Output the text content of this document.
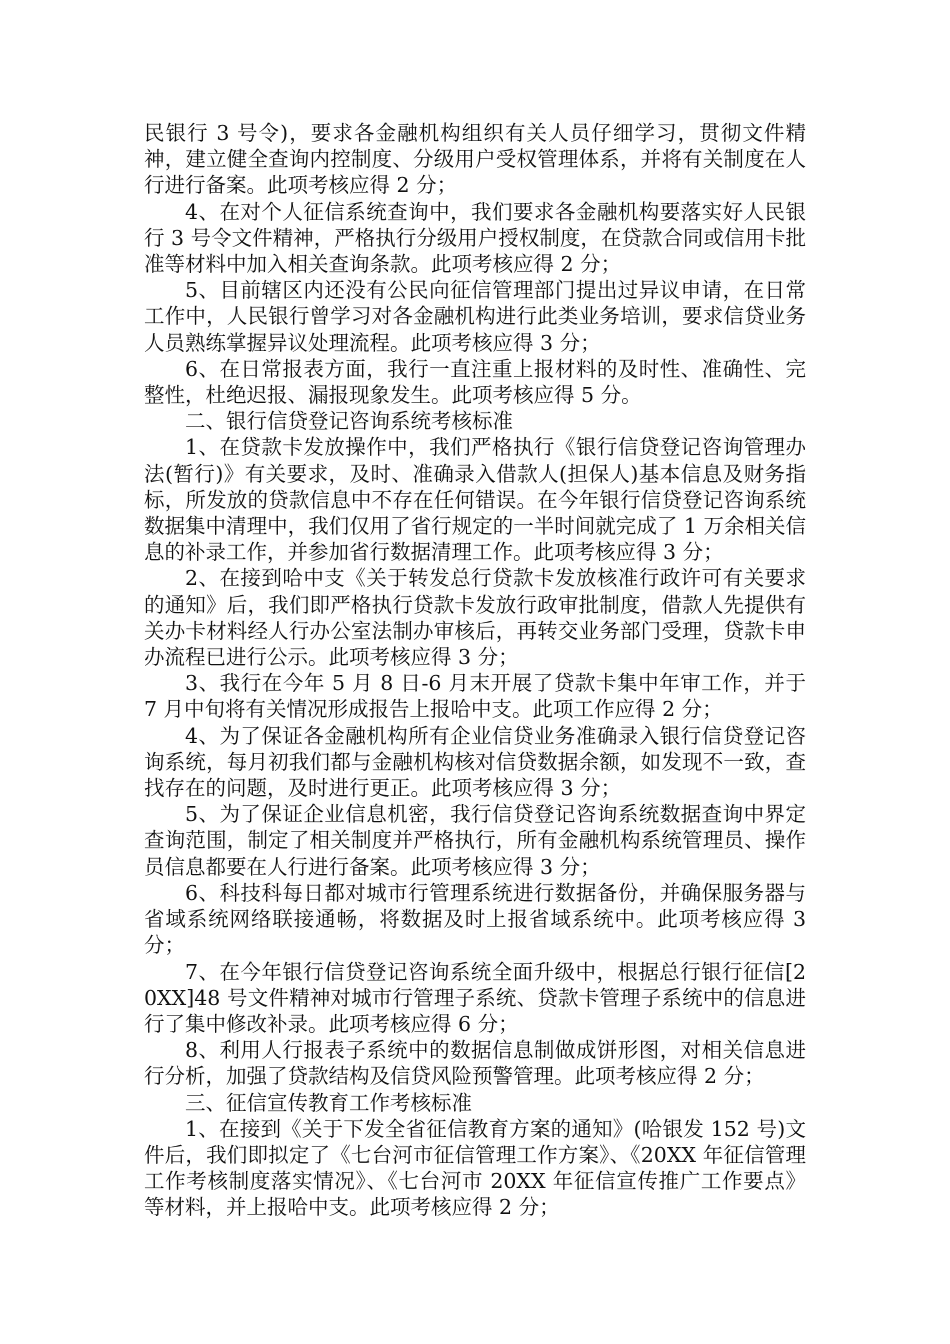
民银行 3 号令)，要求各金融机构组织有关人员仔细学习，贯彻文件精神，建立健全查询内控制度、分级用户受权管理体系，并将有关制度在人行进行备案。此项考核应得 2 分；

4、在对个人征信系统查询中，我们要求各金融机构要落实好人民银行 3 号令文件精神，严格执行分级用户授权制度，在贷款合同或信用卡批准等材料中加入相关查询条款。此项考核应得 2 分；

5、目前辖区内还没有公民向征信管理部门提出过异议申请，在日常工作中，人民银行曾学习对各金融机构进行此类业务培训，要求信贷业务人员熟练掌握异议处理流程。此项考核应得 3 分；

6、在日常报表方面，我行一直注重上报材料的及时性、准确性、完整性，杜绝迟报、漏报现象发生。此项考核应得 5 分。

二、银行信贷登记咨询系统考核标准

1、在贷款卡发放操作中，我们严格执行《银行信贷登记咨询管理办法(暂行)》有关要求，及时、准确录入借款人(担保人)基本信息及财务指标，所发放的贷款信息中不存在任何错误。在今年银行信贷登记咨询系统数据集中清理中，我们仅用了省行规定的一半时间就完成了 1 万余相关信息的补录工作，并参加省行数据清理工作。此项考核应得 3 分；

2、在接到哈中支《关于转发总行贷款卡发放核准行政许可有关要求的通知》后，我们即严格执行贷款卡发放行政审批制度，借款人先提供有关办卡材料经人行办公室法制办审核后，再转交业务部门受理，贷款卡申办流程已进行公示。此项考核应得 3 分；

3、我行在今年 5 月 8 日-6 月末开展了贷款卡集中年审工作，并于 7 月中旬将有关情况形成报告上报哈中支。此项工作应得 2 分；

4、为了保证各金融机构所有企业信贷业务准确录入银行信贷登记咨询系统，每月初我们都与金融机构核对信贷数据余额，如发现不一致，查找存在的问题，及时进行更正。此项考核应得 3 分；

5、为了保证企业信息机密，我行信贷登记咨询系统数据查询中界定查询范围，制定了相关制度并严格执行，所有金融机构系统管理员、操作员信息都要在人行进行备案。此项考核应得 3 分；

6、科技科每日都对城市行管理系统进行数据备份，并确保服务器与省域系统网络联接通畅，将数据及时上报省域系统中。此项考核应得 3 分；

7、在今年银行信贷登记咨询系统全面升级中，根据总行银行征信[20XX]48 号文件精神对城市行管理子系统、贷款卡管理子系统中的信息进行了集中修改补录。此项考核应得 6 分；

8、利用人行报表子系统中的数据信息制做成饼形图，对相关信息进行分析，加强了贷款结构及信贷风险预警管理。此项考核应得 2 分；

三、征信宣传教育工作考核标准

1、在接到《关于下发全省征信教育方案的通知》(哈银发 152 号)文件后，我们即拟定了《七台河市征信管理工作方案》、《20XX 年征信管理工作考核制度落实情况》、《七台河市 20XX 年征信宣传推广工作要点》等材料，并上报哈中支。此项考核应得 2 分；
